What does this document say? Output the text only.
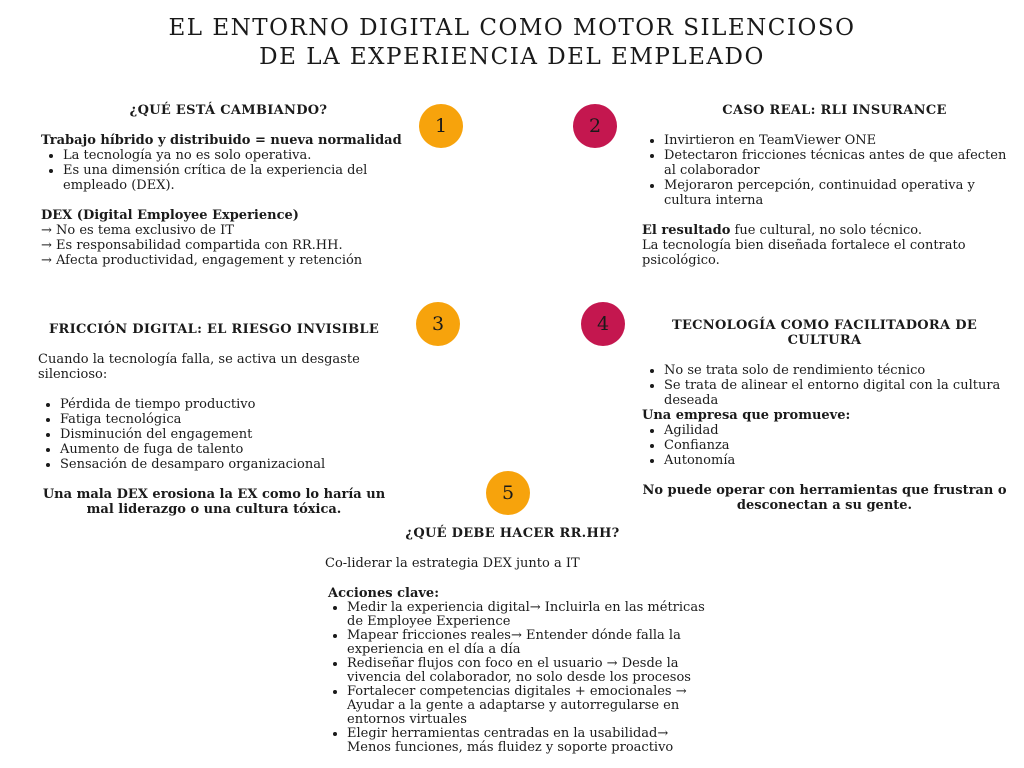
EL ENTORNO DIGITAL COMO MOTOR SILENCIOSO
DE LA EXPERIENCIA DEL EMPLEADO
1	2
3	4
5
¿QUÉ ESTÁ CAMBIANDO?
Trabajo híbrido y distribuido = nueva normalidad
• La tecnología ya no es solo operativa.
• Es una dimensión crítica de la experiencia del empleado (DEX).
DEX (Digital Employee Experience)
→ No es tema exclusivo de IT
→ Es responsabilidad compartida con RR.HH.
→ Afecta productividad, engagement y retención
CASO REAL: RLI INSURANCE
• Invirtieron en TeamViewer ONE
• Detectaron fricciones técnicas antes de que afecten al colaborador
• Mejoraron percepción, continuidad operativa y cultura interna
El resultado fue cultural, no solo técnico.
La tecnología bien diseñada fortalece el contrato psicológico.
FRICCIÓN DIGITAL: EL RIESGO INVISIBLE
Cuando la tecnología falla, se activa un desgaste silencioso:
• Pérdida de tiempo productivo
• Fatiga tecnológica
• Disminución del engagement
• Aumento de fuga de talento
• Sensación de desamparo organizacional
Una mala DEX erosiona la EX como lo haría un mal liderazgo o una cultura tóxica.
TECNOLOGÍA COMO FACILITADORA DE CULTURA
• No se trata solo de rendimiento técnico
• Se trata de alinear el entorno digital con la cultura deseada
Una empresa que promueve:
• Agilidad
• Confianza
• Autonomía
No puede operar con herramientas que frustran o desconectan a su gente.
¿QUÉ DEBE HACER RR.HH?
Co-liderar la estrategia DEX junto a IT
Acciones clave:
• Medir la experiencia digital→ Incluirla en las métricas de Employee Experience
• Mapear fricciones reales→ Entender dónde falla la experiencia en el día a día
• Rediseñar flujos con foco en el usuario → Desde la vivencia del colaborador, no solo desde los procesos
• Fortalecer competencias digitales + emocionales → Ayudar a la gente a adaptarse y autorregularse en entornos virtuales
• Elegir herramientas centradas en la usabilidad→ Menos funciones, más fluidez y soporte proactivo
